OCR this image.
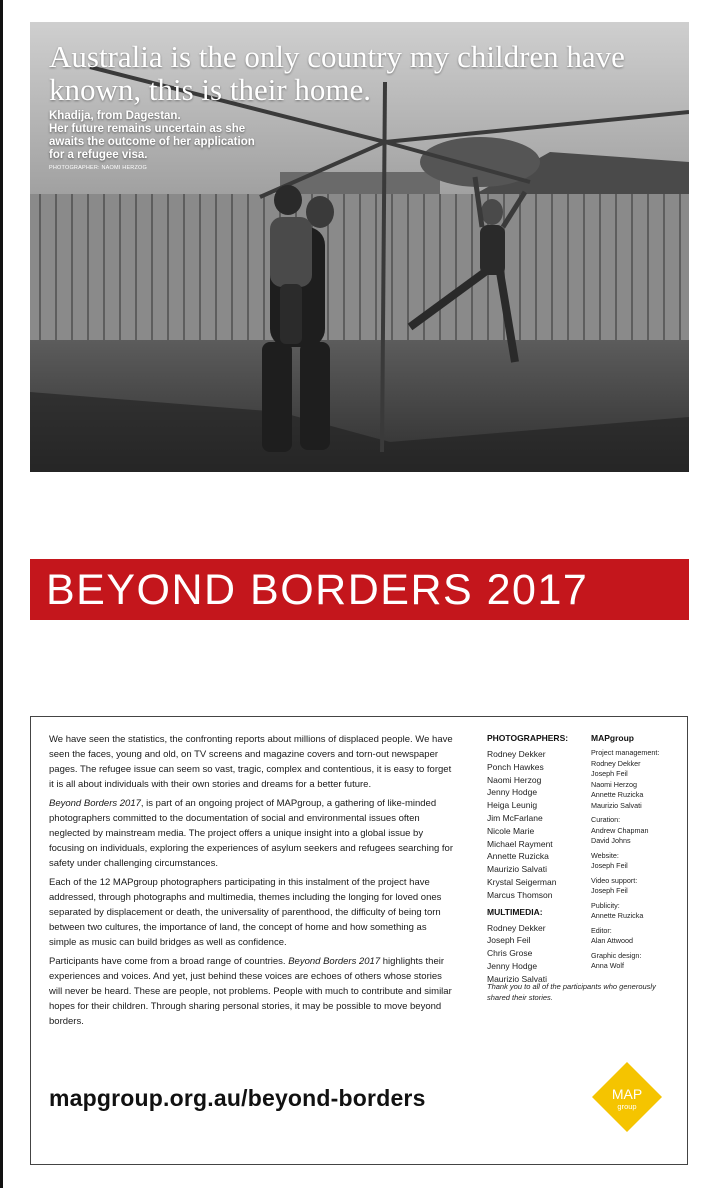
Australia is the only country my children have known, this is their home.
Khadija, from Dagestan.
Her future remains uncertain as she awaits the outcome of her application for a refugee visa.
PHOTOGRAPHER: NAOMI HERZOG
BEYOND BORDERS 2017

We have seen the statistics, the confronting reports about millions of displaced people. We have seen the faces, young and old, on TV screens and magazine covers and torn-out newspaper pages. The refugee issue can seem so vast, tragic, complex and contentious, it is easy to forget it is all about individuals with their own stories and dreams for a better future.

Beyond Borders 2017, is part of an ongoing project of MAPgroup, a gathering of like-minded photographers committed to the documentation of social and environmental issues often neglected by mainstream media. The project offers a unique insight into a global issue by focusing on individuals, exploring the experiences of asylum seekers and refugees searching for safety under challenging circumstances.

Each of the 12 MAPgroup photographers participating in this instalment of the project have addressed, through photographs and multimedia, themes including the longing for loved ones separated by displacement or death, the universality of parenthood, the difficulty of being torn between two cultures, the importance of land, the concept of home and how something as simple as music can build bridges as well as confidence.

Participants have come from a broad range of countries. Beyond Borders 2017 highlights their experiences and voices. And yet, just behind these voices are echoes of others whose stories will never be heard. These are people, not problems. People with much to contribute and similar hopes for their children. Through sharing personal stories, it may be possible to move beyond borders.

PHOTOGRAPHERS:
Rodney Dekker
Ponch Hawkes
Naomi Herzog
Jenny Hodge
Heiga Leunig
Jim McFarlane
Nicole Marie
Michael Rayment
Annette Ruzicka
Maurizio Salvati
Krystal Seigerman
Marcus Thomson
MULTIMEDIA:
Rodney Dekker
Joseph Feil
Chris Grose
Jenny Hodge
Maurizio Salvati
MAPgroup
Project management:
Rodney Dekker
Joseph Feil
Naomi Herzog
Annette Ruzicka
Maurizio Salvati
Curation:
Andrew Chapman
David Johns
Website:
Joseph Feil
Video support:
Joseph Feil
Publicity:
Annette Ruzicka
Editor:
Alan Attwood
Graphic design:
Anna Wolf
Thank you to all of the participants who generously shared their stories.
mapgroup.org.au/beyond-borders	MAP
group
